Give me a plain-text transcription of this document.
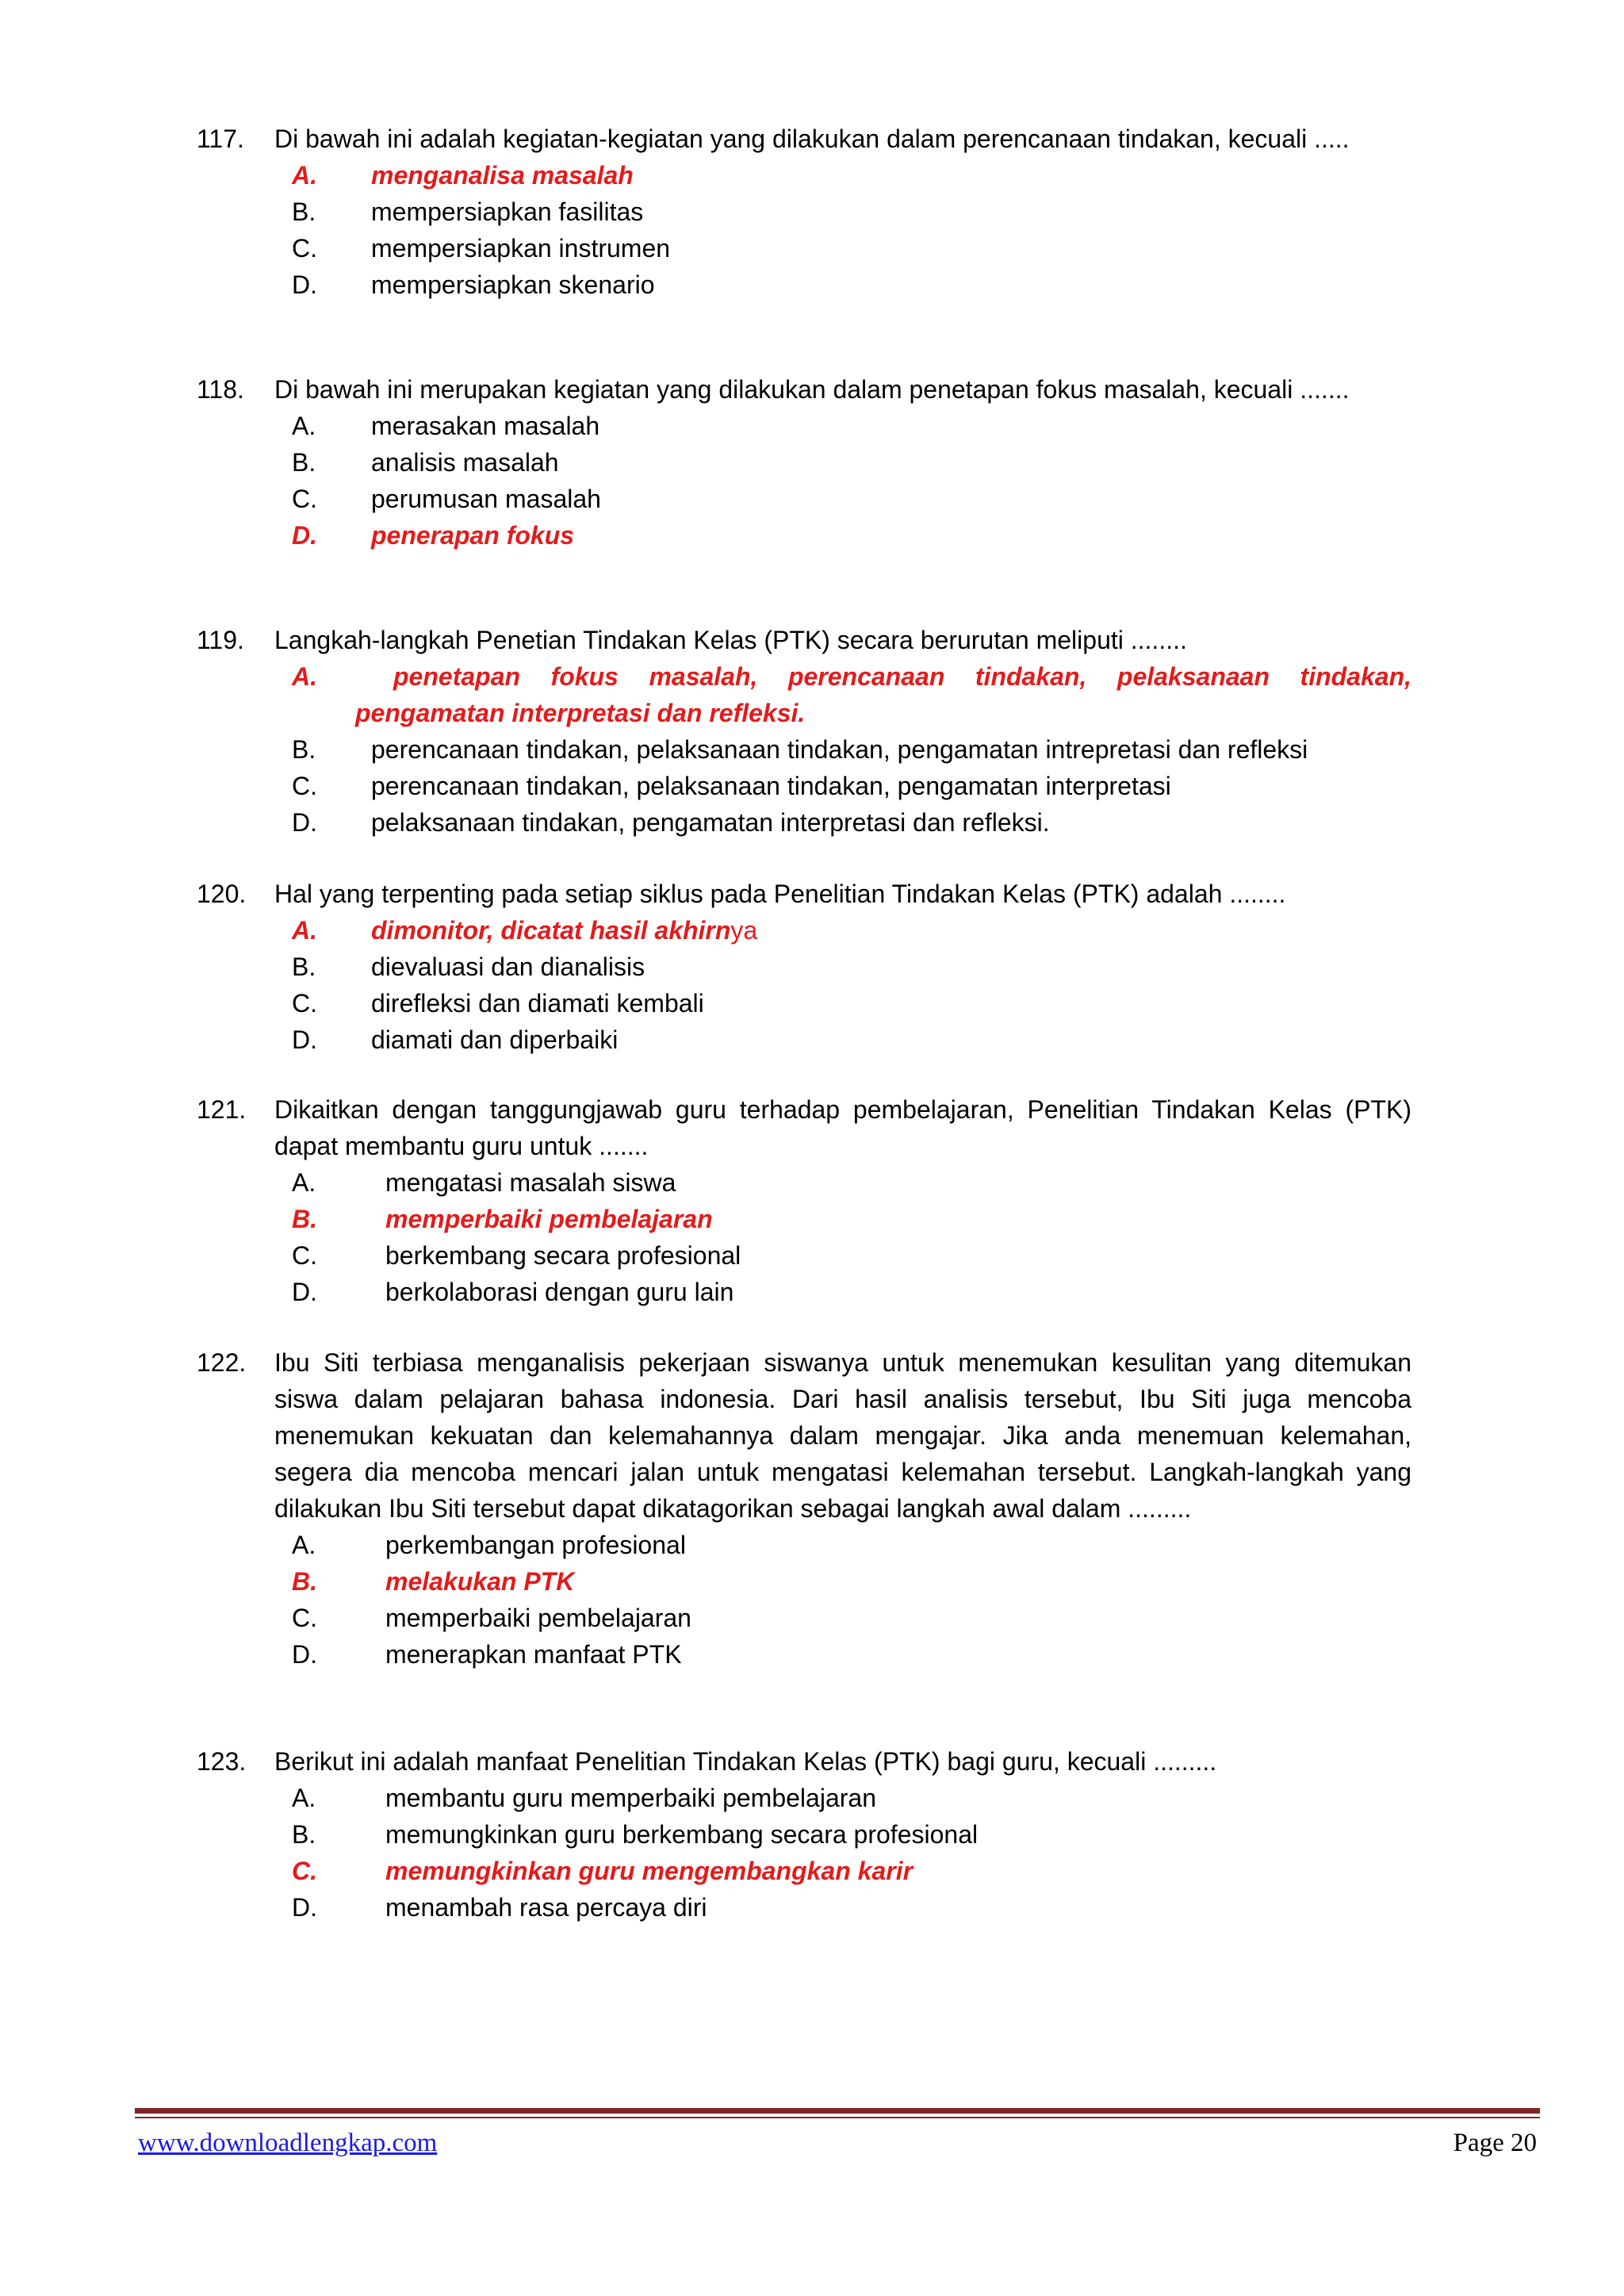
117. Di bawah ini adalah kegiatan-kegiatan yang dilakukan dalam perencanaan tindakan, kecuali .....
A. menganalisa masalah
B. mempersiapkan fasilitas
C. mempersiapkan instrumen
D. mempersiapkan skenario
118. Di bawah ini merupakan kegiatan yang dilakukan dalam penetapan fokus masalah, kecuali .......
A. merasakan masalah
B. analisis masalah
C. perumusan masalah
D. penerapan fokus
119. Langkah-langkah Penetian Tindakan Kelas (PTK) secara berurutan meliputi ........
A.	penetapan fokus masalah, perencanaan tindakan, pelaksanaan tindakan, pengamatan interpretasi dan refleksi.
B. perencanaan tindakan, pelaksanaan tindakan, pengamatan intrepretasi dan refleksi
C. perencanaan tindakan, pelaksanaan tindakan, pengamatan interpretasi
D. pelaksanaan tindakan, pengamatan interpretasi dan refleksi.
120. Hal yang terpenting pada setiap siklus pada Penelitian Tindakan Kelas (PTK) adalah ........
A. dimonitor, dicatat hasil akhirnya
B. dievaluasi dan dianalisis
C. direfleksi dan diamati kembali
D. diamati dan diperbaiki
121. Dikaitkan dengan tanggungjawab guru terhadap pembelajaran, Penelitian Tindakan Kelas (PTK) dapat membantu guru untuk .......
A.	mengatasi masalah siswa
B.	memperbaiki pembelajaran
C.	berkembang secara profesional
D.	berkolaborasi dengan guru lain
122. Ibu Siti terbiasa menganalisis pekerjaan siswanya untuk menemukan kesulitan yang ditemukan siswa dalam pelajaran bahasa indonesia. Dari hasil analisis tersebut, Ibu Siti juga mencoba menemukan kekuatan dan kelemahannya dalam mengajar. Jika anda menemuan kelemahan, segera dia mencoba mencari jalan untuk mengatasi kelemahan tersebut. Langkah-langkah yang dilakukan Ibu Siti tersebut dapat dikatagorikan sebagai langkah awal dalam .........
A.	perkembangan profesional
B.	melakukan PTK
C.	memperbaiki pembelajaran
D.	menerapkan manfaat PTK
123. Berikut ini adalah manfaat Penelitian Tindakan Kelas (PTK) bagi guru, kecuali .........
A.	membantu guru memperbaiki pembelajaran
B.	memungkinkan guru berkembang secara profesional
C.	memungkinkan guru mengembangkan karir
D.	menambah rasa percaya diri
www.downloadlengkap.com	Page 20
